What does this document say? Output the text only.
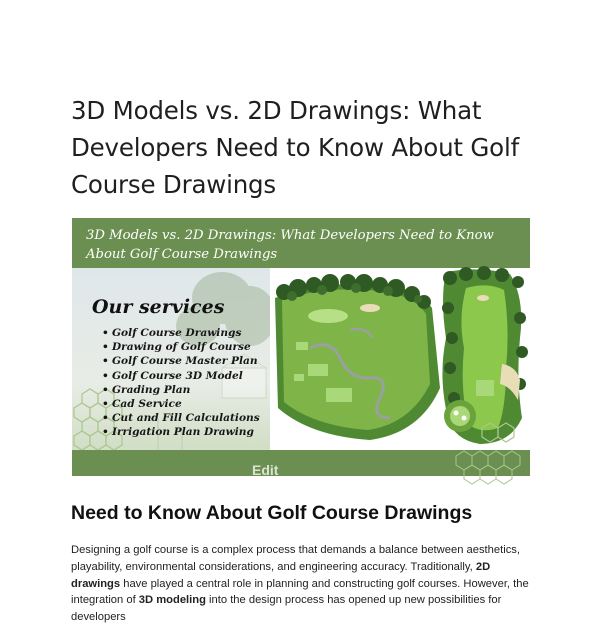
3D Models vs. 2D Drawings: What Developers Need to Know About Golf Course Drawings
3D Models vs. 2D Drawings: What Developers Need to Know About Golf Course Drawings
Our services
• Golf Course Drawings
• Drawing of Golf Course
• Golf Course Master Plan
• Golf Course 3D Model
• Grading Plan
• Cad Service
• Cut and Fill Calculations
• Irrigation Plan Drawing
Edit
Need to Know About Golf Course Drawings

Designing a golf course is a complex process that demands a balance between aesthetics, playability, environmental considerations, and engineering accuracy. Traditionally, 2D drawings have played a central role in planning and constructing golf courses. However, the integration of 3D modeling into the design process has opened up new possibilities for developers
